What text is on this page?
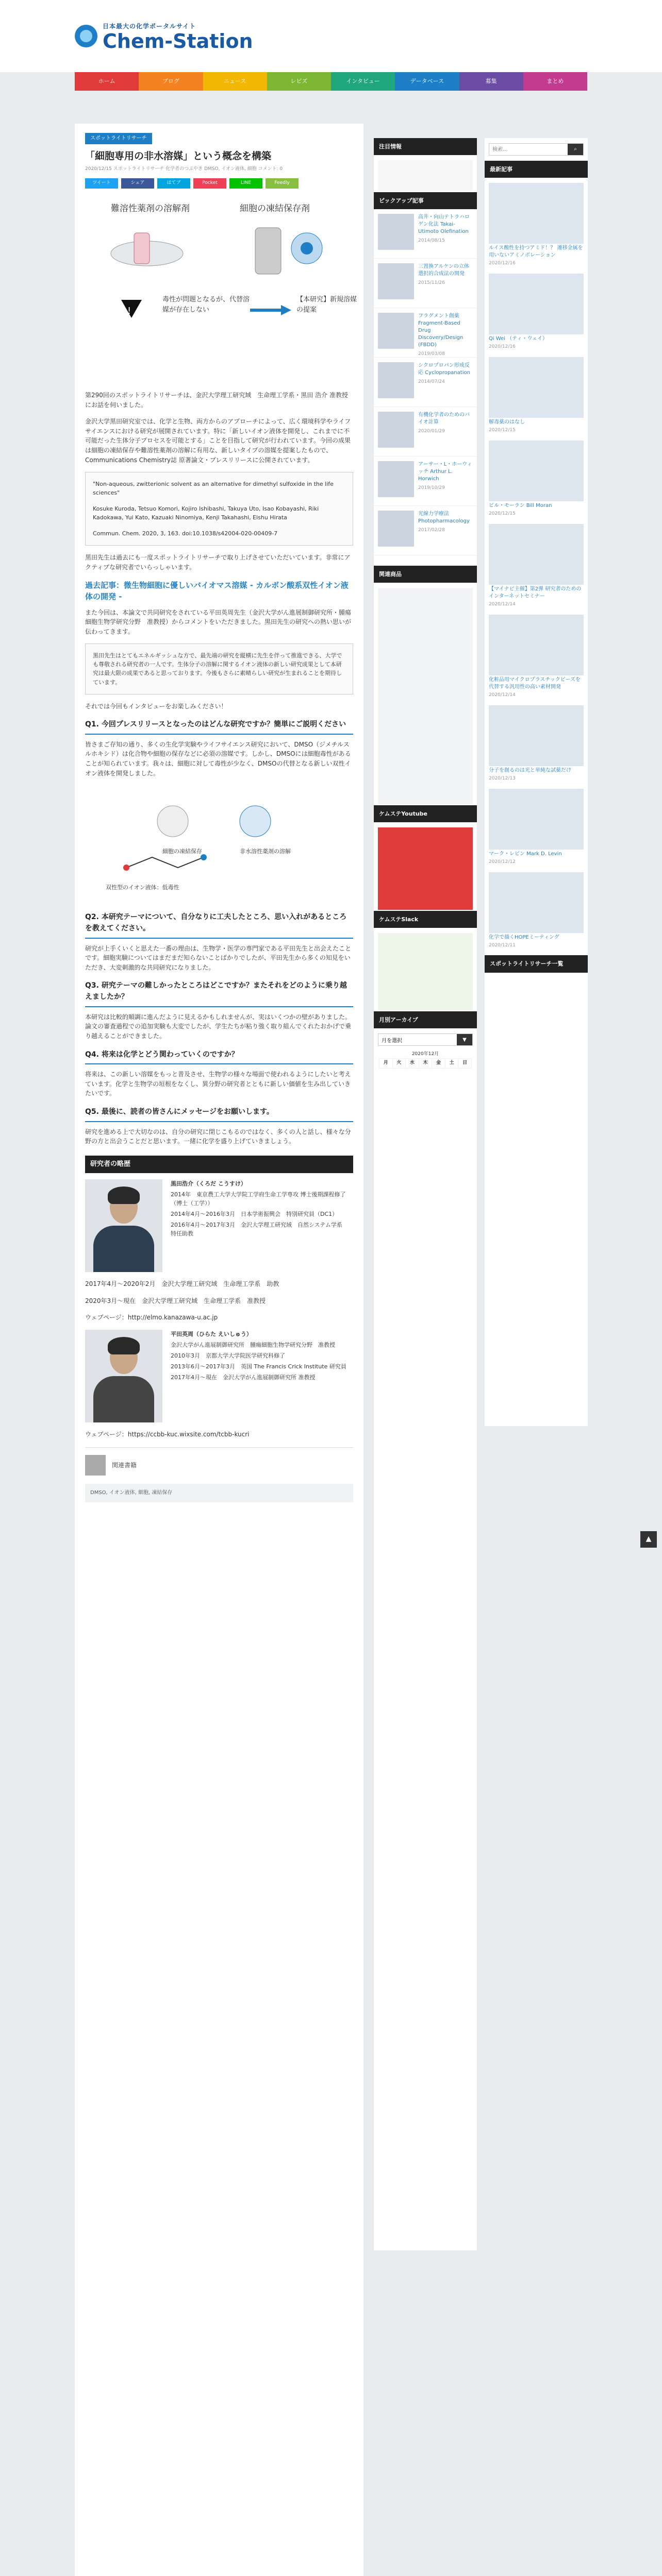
日本最大の化学ポータルサイト
Chem-Station
ホーム	ブログ	ニュース	レビズ	インタビュー	データベース	募集	まとめ
スポットライトリサーチ
「細胞専用の非水溶媒」という概念を構築
2020/12/15 スポットライトリサーチ 化学者のつぶやき DMSO, イオン液体, 細胞 コメント: 0
ツイート	シェア	はてブ	Pocket	LINE	Feedly
難溶性薬剤の溶解剤	細胞の凍結保存剤
!
毒性が問題となるが、代替溶媒が存在しない
【本研究】新規溶媒の提案

第290回のスポットライトリサーチは、金沢大学理工研究域　生命理工学系・黒田 浩介 准教授にお話を伺いました。

金沢大学黒田研究室では、化学と生物、両方からのアプローチによって、広く環境科学やライフサイエンスにおける研究が展開されています。特に「新しいイオン液体を開発し、これまでに不可能だった生体分子プロセスを可能とする」ことを目指して研究が行われています。今回の成果は細胞の凍結保存や難溶性薬剤の溶解に有用な、新しいタイプの溶媒を提案したもので、Communications Chemistry誌 原著論文・プレスリリースに公開されています。

"Non-aqueous, zwitterionic solvent as an alternative for dimethyl sulfoxide in the life sciences"

Kosuke Kuroda, Tetsuo Komori, Kojiro Ishibashi, Takuya Uto, Isao Kobayashi, Riki Kadokawa, Yui Kato, Kazuaki Ninomiya, Kenji Takahashi, Eishu Hirata

Commun. Chem. 2020, 3, 163. doi:10.1038/s42004-020-00409-7

黒田先生は過去にも一度スポットライトリサーチで取り上げさせていただいています。非常にアクティブな研究者でいらっしゃいます。

過去記事：微生物細胞に優しいバイオマス溶媒 - カルボン酸系双性イオン液体の開発 -

また今回は、本論文で共同研究をされている平田英周先生（金沢大学がん進展制御研究所・腫瘍細胞生物学研究分野　准教授）からコメントをいただきました。黒田先生の研究への熱い思いが伝わってきます。

黒田先生はとてもエネルギッシュな方で、最先端の研究を縦横に先生を伴って推進できる、大学でも尊敬される研究者の一人です。生体分子の溶解に関するイオン液体の新しい研究成果として本研究は最大限の成果であると思っております。今後もさらに素晴らしい研究が生まれることを期待しています。

それでは今回もインタビューをお楽しみください！

Q1. 今回プレスリリースとなったのはどんな研究ですか？簡単にご説明ください

皆さまご存知の通り、多くの生化学実験やライフサイエンス研究において、DMSO（ジメチルスルホキシド）は化合物や細胞の保存などに必須の溶媒です。しかし、DMSOには細胞毒性があることが知られています。我々は、細胞に対して毒性が少なく、DMSOの代替となる新しい双性イオン液体を開発しました。

細胞の凍結保存	非水溶性薬剤の溶解
双性型のイオン液体：低毒性
Q2. 本研究テーマについて、自分なりに工夫したところ、思い入れがあるところを教えてください。

研究が上手くいくと思えた一番の理由は、生物学・医学の専門家である平田先生と出会えたことです。細胞実験についてはまだまだ知らないことばかりでしたが、平田先生から多くの知見をいただき、大変刺激的な共同研究になりました。

Q3. 研究テーマの難しかったところはどこですか？またそれをどのように乗り越えましたか？

本研究は比較的順調に進んだように見えるかもしれませんが、実はいくつかの壁がありました。論文の審査過程での追加実験も大変でしたが、学生たちが粘り強く取り組んでくれたおかげで乗り越えることができました。

Q4. 将来は化学とどう関わっていくのですか？

将来は、この新しい溶媒をもっと普及させ、生物学の様々な場面で使われるようにしたいと考えています。化学と生物学の垣根をなくし、異分野の研究者とともに新しい価値を生み出していきたいです。

Q5. 最後に、読者の皆さんにメッセージをお願いします。

研究を進める上で大切なのは、自分の研究に閉じこもるのではなく、多くの人と話し、様々な分野の方と出会うことだと思います。一緒に化学を盛り上げていきましょう。

研究者の略歴
黒田浩介（くろだ こうすけ）
2014年　東京農工大学大学院工学府生命工学専攻 博士後期課程修了（博士（工学））
2014年4月〜2016年3月　日本学術振興会　特別研究員（DC1）
2016年4月〜2017年3月　金沢大学理工研究域　自然システム学系　特任助教

2017年4月〜2020年2月　金沢大学理工研究域　生命理工学系　助教

2020年3月〜現在　金沢大学理工研究域　生命理工学系　准教授

ウェブページ：http://elmo.kanazawa-u.ac.jp

平田英周（ひらた えいしゅう）
金沢大学がん進展制御研究所　腫瘍細胞生物学研究分野　准教授
2010年3月　京都大学大学院医学研究科修了
2013年6月〜2017年3月　英国 The Francis Crick Institute 研究員
2017年4月〜現在　金沢大学がん進展制御研究所 准教授

ウェブページ：https://ccbb-kuc.wixsite.com/tcbb-kucri

関連書籍
DMSO, イオン液体, 細胞, 凍結保存
注目情報
ピックアップ記事
高井・向山テトラハロゲン化法 Takai-Utimoto Olefination
2014/08/15
三置換アルケンの立体選択的合成法の開発
2015/11/26
フラグメント創薬 Fragment-Based Drug Discovery/Design (FBDD)
2019/03/08
シクロプロパン形成反応 Cyclopropanation
2014/07/24
有機化学者のためのバイオ計算
2020/01/29
アーサー・L・ホーウィッチ Arthur L. Horwich
2019/10/29
光線力学療法 Photopharmacology
2017/02/28
関連商品
ケムステYoutube
ケムステSlack
月別アーカイブ
月を選択
▼
2020年12月
月	火	水	木	金	土	日
検索...
⌕
最新記事
ルイス酸性を持つアミド！？ 遷移金属を用いないアミノボレーション
2020/12/16
Qi Wei （ティ・ウェイ）
2020/12/16
解毒薬のはなし
2020/12/15
ビル・モーラン Bill Moran
2020/12/15
【マイナビ主催】第2弾 研究者のためのインターネットセミナー
2020/12/14
化粧品用マイクロプラスチックビーズを代替する汎用性の高い素材開発
2020/12/14
分子を創るのは光と単純な試薬だけ
2020/12/13
マーク・レビン Mark D. Levin
2020/12/12
化学で描くHOPEミーティング
2020/12/11
スポットライトリサーチ一覧
▲
